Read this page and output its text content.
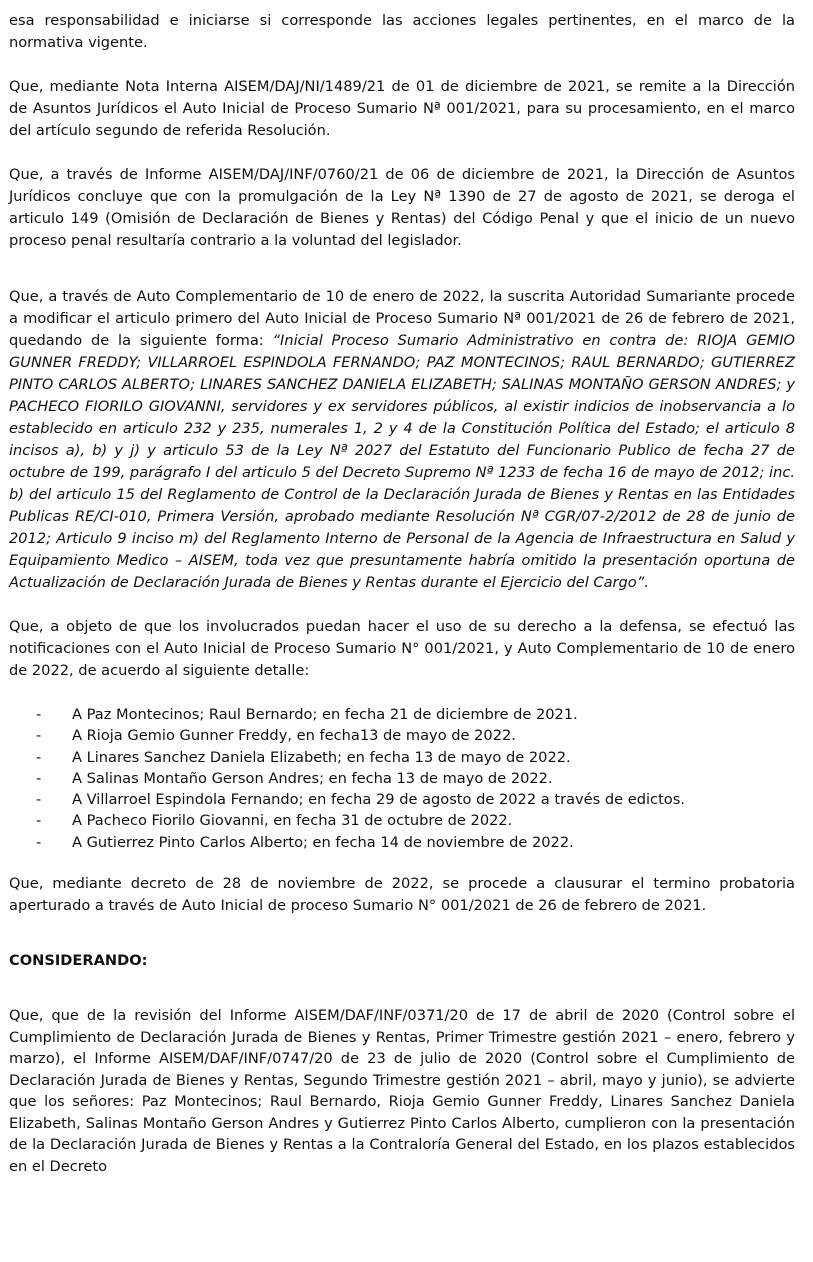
esa responsabilidad e iniciarse si corresponde las acciones legales pertinentes, en el marco de la normativa vigente.

Que, mediante Nota Interna AISEM/DAJ/NI/1489/21 de 01 de diciembre de 2021, se remite a la Dirección de Asuntos Jurídicos el Auto Inicial de Proceso Sumario Nª 001/2021, para su procesamiento, en el marco del artículo segundo de referida Resolución.

Que, a través de Informe AISEM/DAJ/INF/0760/21 de 06 de diciembre de 2021, la Dirección de Asuntos Jurídicos concluye que con la promulgación de la Ley Nª 1390 de 27 de agosto de 2021, se deroga el articulo 149 (Omisión de Declaración de Bienes y Rentas) del Código Penal y que el inicio de un nuevo proceso penal resultaría contrario a la voluntad del legislador.

Que, a través de Auto Complementario de 10 de enero de 2022, la suscrita Autoridad Sumariante procede a modificar el articulo primero del Auto Inicial de Proceso Sumario Nª 001/2021 de 26 de febrero de 2021, quedando de la siguiente forma: “Inicial Proceso Sumario Administrativo en contra de: RIOJA GEMIO GUNNER FREDDY; VILLARROEL ESPINDOLA FERNANDO; PAZ MONTECINOS; RAUL BERNARDO; GUTIERREZ PINTO CARLOS ALBERTO; LINARES SANCHEZ DANIELA ELIZABETH; SALINAS MONTAÑO GERSON ANDRES; y PACHECO FIORILO GIOVANNI, servidores y ex servidores públicos, al existir indicios de inobservancia a lo establecido en articulo 232 y 235, numerales 1, 2 y 4 de la Constitución Política del Estado; el articulo 8 incisos a), b) y j) y articulo 53 de la Ley Nª 2027 del Estatuto del Funcionario Publico de fecha 27 de octubre de 199, parágrafo I del articulo 5 del Decreto Supremo Nª 1233 de fecha 16 de mayo de 2012; inc. b) del articulo 15 del Reglamento de Control de la Declaración Jurada de Bienes y Rentas en las Entidades Publicas RE/CI-010, Primera Versión, aprobado mediante Resolución Nª CGR/07-2/2012 de 28 de junio de 2012; Articulo 9 inciso m) del Reglamento Interno de Personal de la Agencia de Infraestructura en Salud y Equipamiento Medico – AISEM, toda vez que presuntamente habría omitido la presentación oportuna de Actualización de Declaración Jurada de Bienes y Rentas durante el Ejercicio del Cargo”.

Que, a objeto de que los involucrados puedan hacer el uso de su derecho a la defensa, se efectuó las notificaciones con el Auto Inicial de Proceso Sumario N° 001/2021, y Auto Complementario de 10 de enero de 2022, de acuerdo al siguiente detalle:

- A Paz Montecinos; Raul Bernardo; en fecha 21 de diciembre de 2021.
- A Rioja Gemio Gunner Freddy, en fecha13 de mayo de 2022.
- A Linares Sanchez Daniela Elizabeth; en fecha 13 de mayo de 2022.
- A Salinas Montaño Gerson Andres; en fecha 13 de mayo de 2022.
- A Villarroel Espindola Fernando; en fecha 29 de agosto de 2022 a través de edictos.
- A Pacheco Fiorilo Giovanni, en fecha 31 de octubre de 2022.
- A Gutierrez Pinto Carlos Alberto; en fecha 14 de noviembre de 2022.

Que, mediante decreto de 28 de noviembre de 2022, se procede a clausurar el termino probatoria aperturado a través de Auto Inicial de proceso Sumario N° 001/2021 de 26 de febrero de 2021.

CONSIDERANDO:

Que, que de la revisión del Informe AISEM/DAF/INF/0371/20 de 17 de abril de 2020 (Control sobre el Cumplimiento de Declaración Jurada de Bienes y Rentas, Primer Trimestre gestión 2021 – enero, febrero y marzo), el Informe AISEM/DAF/INF/0747/20 de 23 de julio de 2020 (Control sobre el Cumplimiento de Declaración Jurada de Bienes y Rentas, Segundo Trimestre gestión 2021 – abril, mayo y junio), se advierte que los señores: Paz Montecinos; Raul Bernardo, Rioja Gemio Gunner Freddy, Linares Sanchez Daniela Elizabeth, Salinas Montaño Gerson Andres y Gutierrez Pinto Carlos Alberto, cumplieron con la presentación de la Declaración Jurada de Bienes y Rentas a la Contraloría General del Estado, en los plazos establecidos en el Decreto
